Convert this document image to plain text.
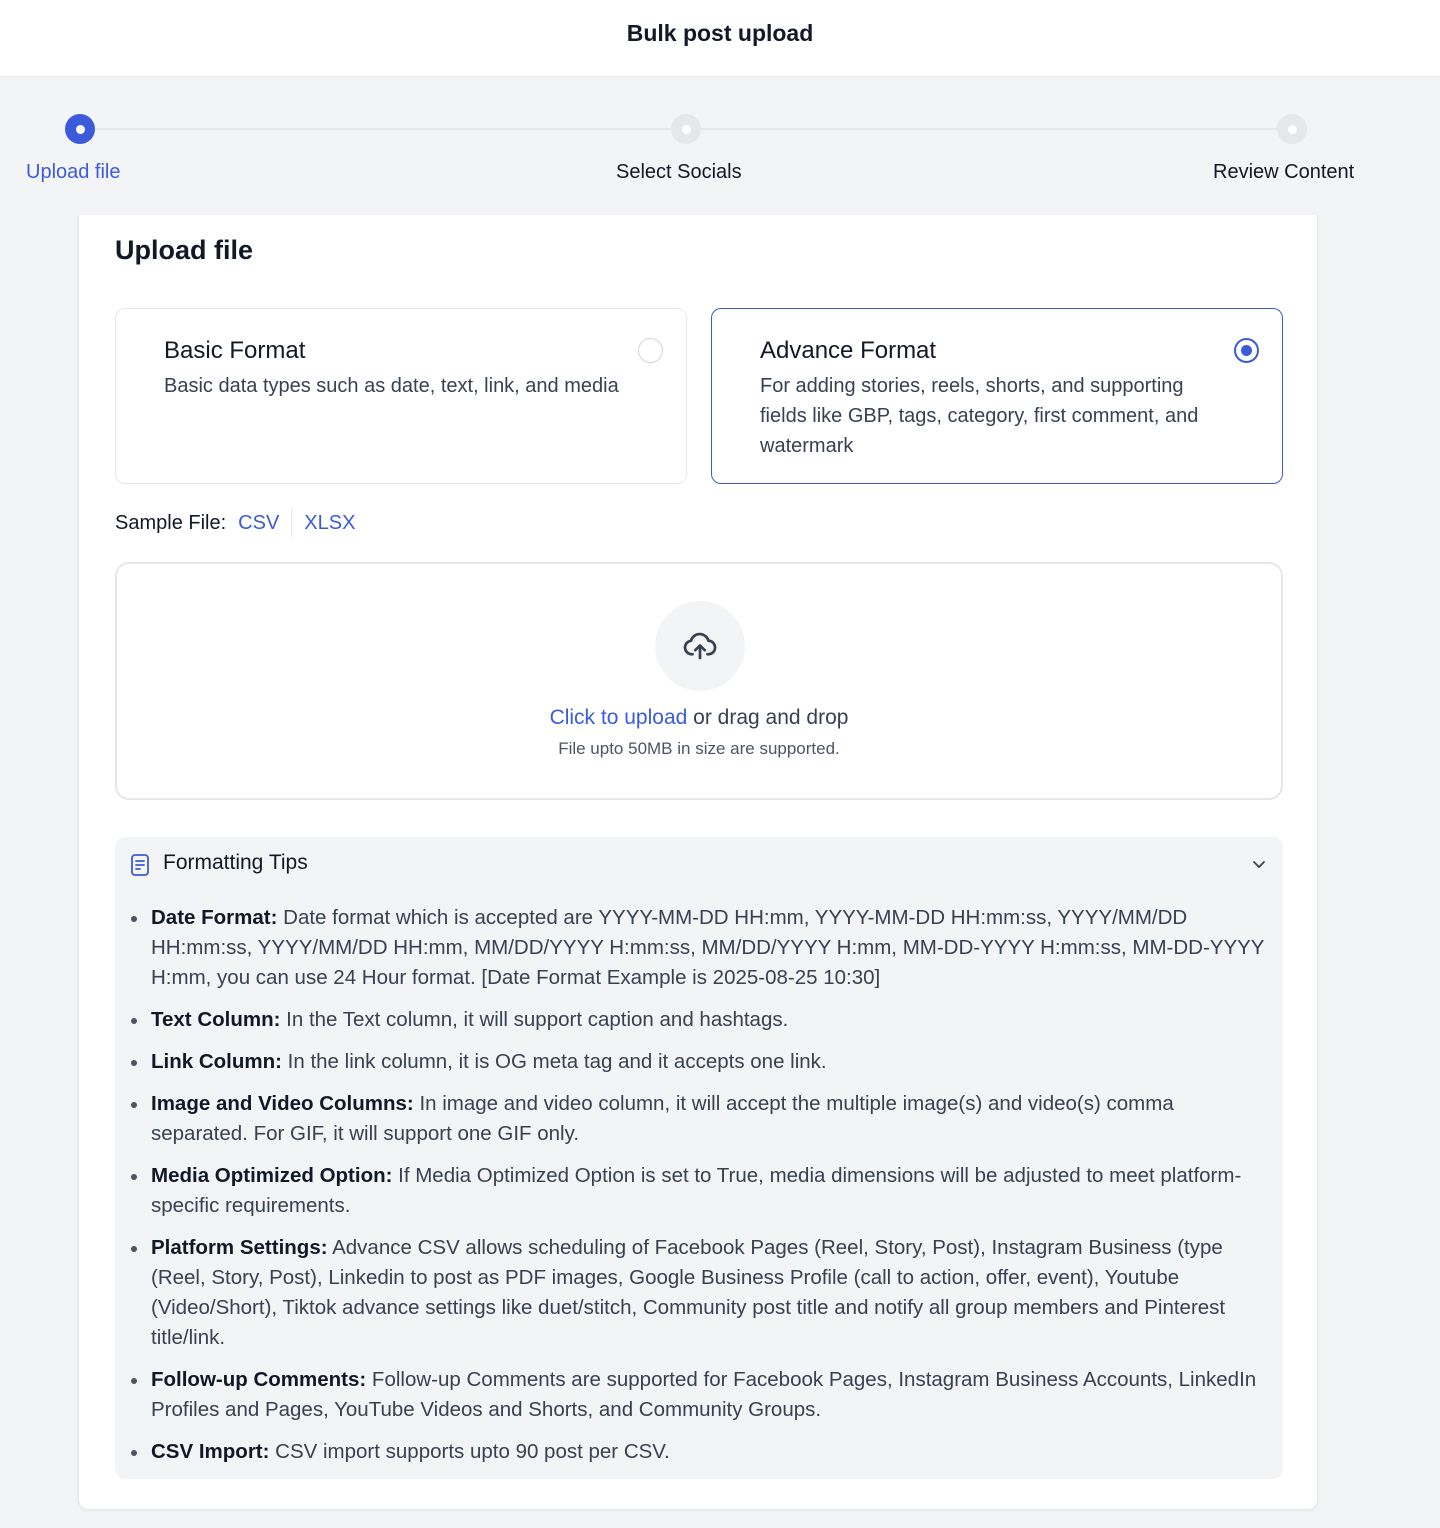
Bulk post upload
Upload file	Select Socials	Review Content
Upload file
Basic Format
Basic data types such as date, text, link, and media
Advance Format
For adding stories, reels, shorts, and supporting fields like GBP, tags, category, first comment, and watermark
Sample File: CSV XLSX
Click to upload or drag and drop
File upto 50MB in size are supported.
Formatting Tips
Date Format: Date format which is accepted are YYYY-MM-DD HH:mm, YYYY-MM-DD HH:mm:ss, YYYY/MM/DD HH:mm:ss, YYYY/MM/DD HH:mm, MM/DD/YYYY H:mm:ss, MM/DD/YYYY H:mm, MM-DD-YYYY H:mm:ss, MM-DD-YYYY H:mm, you can use 24 Hour format. [Date Format Example is 2025-08-25 10:30]
Text Column: In the Text column, it will support caption and hashtags.
Link Column: In the link column, it is OG meta tag and it accepts one link.
Image and Video Columns: In image and video column, it will accept the multiple image(s) and video(s) comma separated. For GIF, it will support one GIF only.
Media Optimized Option: If Media Optimized Option is set to True, media dimensions will be adjusted to meet platform-specific requirements.
Platform Settings: Advance CSV allows scheduling of Facebook Pages (Reel, Story, Post), Instagram Business (type (Reel, Story, Post), Linkedin to post as PDF images, Google Business Profile (call to action, offer, event), Youtube (Video/Short), Tiktok advance settings like duet/stitch, Community post title and notify all group members and Pinterest title/link.
Follow-up Comments: Follow-up Comments are supported for Facebook Pages, Instagram Business Accounts, LinkedIn Profiles and Pages, YouTube Videos and Shorts, and Community Groups.
CSV Import: CSV import supports upto 90 post per CSV.
